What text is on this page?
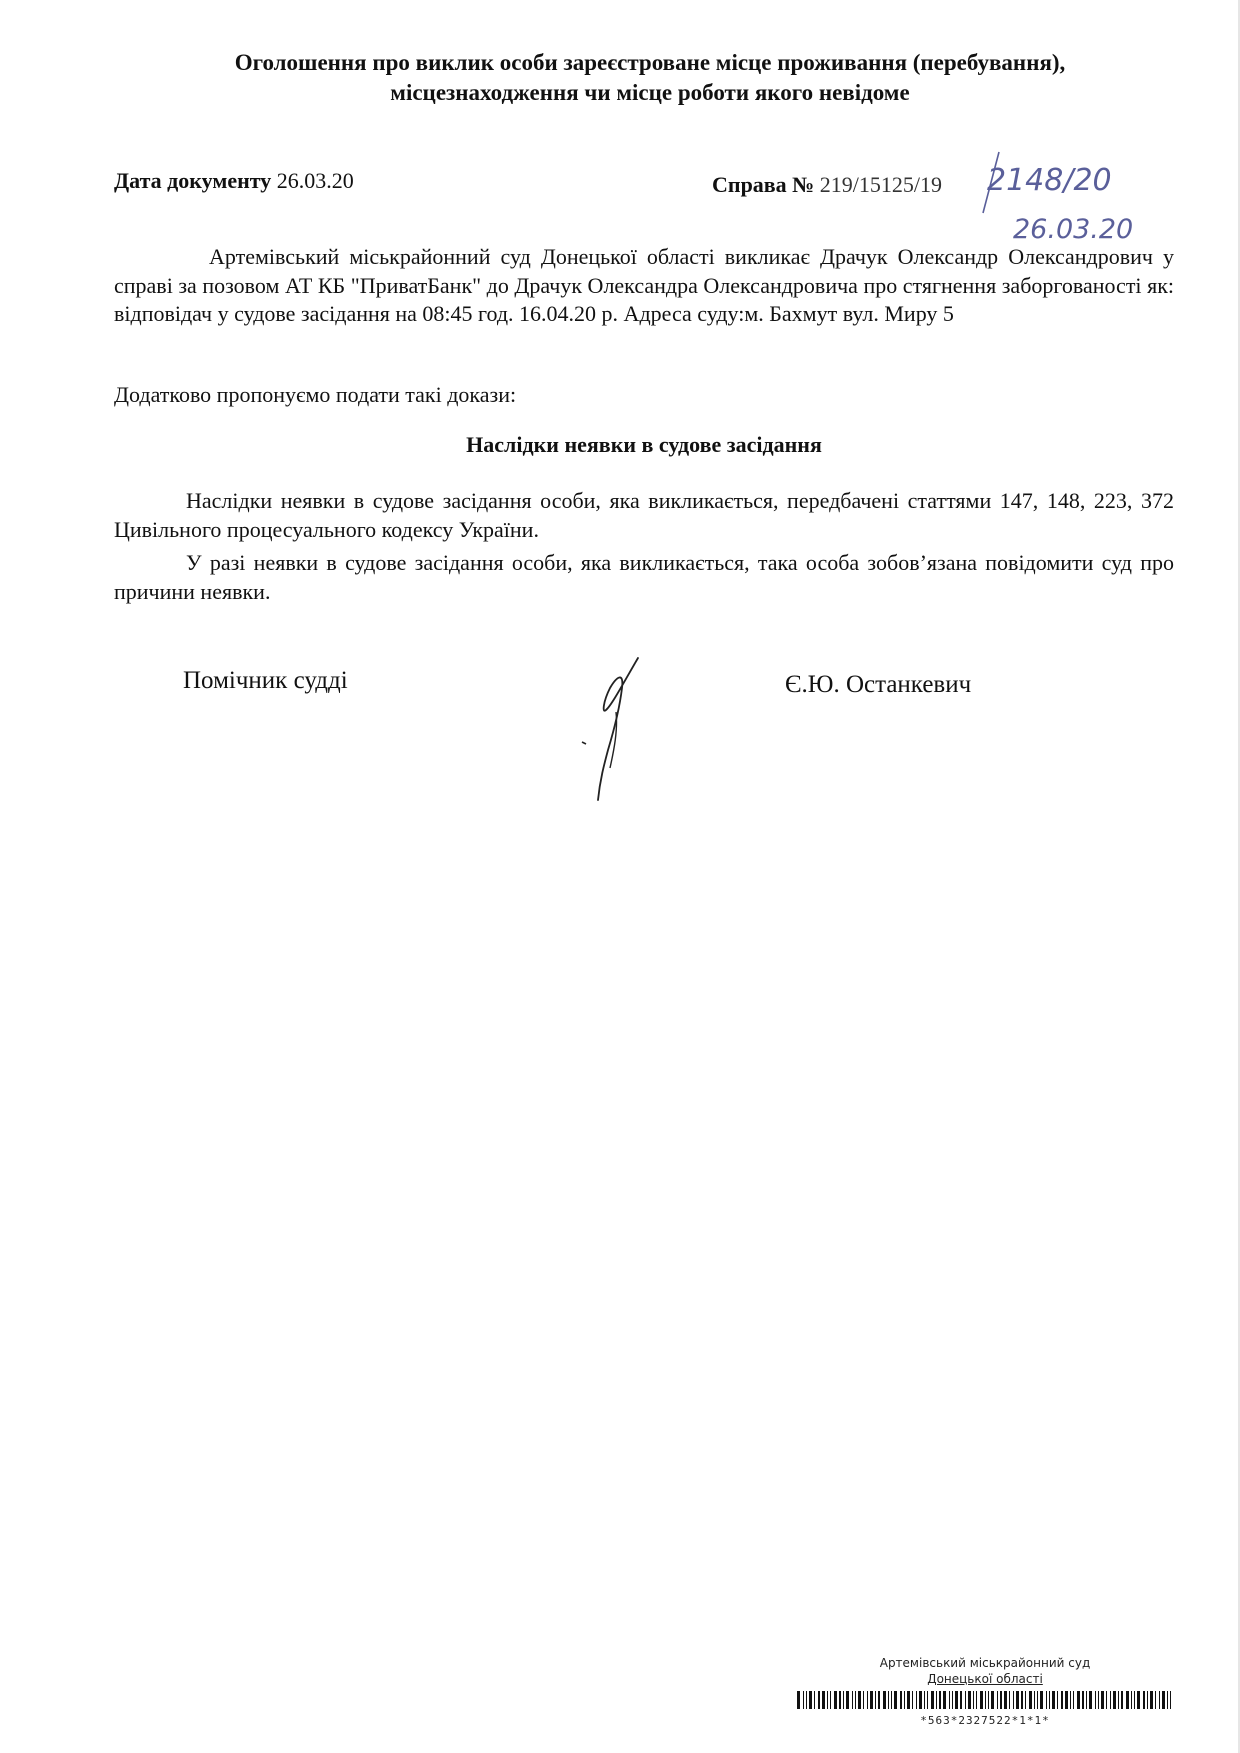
Оголошення про виклик особи зареєстроване місце проживання (перебування),
місцезнаходження чи місце роботи якого невідоме
Дата документу 26.03.20	Справа № 219/15125/19 2148/20
26.03.20

Артемівський міськрайонний суд Донецької області викликає Драчук Олександр Олександрович у справі за позовом АТ КБ "ПриватБанк" до Драчук Олександра Олександровича про стягнення заборгованості як: відповідач у судове засідання на 08:45 год. 16.04.20 р. Адреса суду:м. Бахмут вул. Миру 5

Додатково пропонуємо подати такі докази:

Наслідки неявки в судове засідання

Наслідки неявки в судове засідання особи, яка викликається, передбачені статтями 147, 148, 223, 372 Цивільного процесуального кодексу України.

У разі неявки в судове засідання особи, яка викликається, така особа зобов’язана повідомити суд про причини неявки.

Помічник судді	Є.Ю. Останкевич
Артемівський міськрайонний суд
Донецької області
*563*2327522*1*1*
